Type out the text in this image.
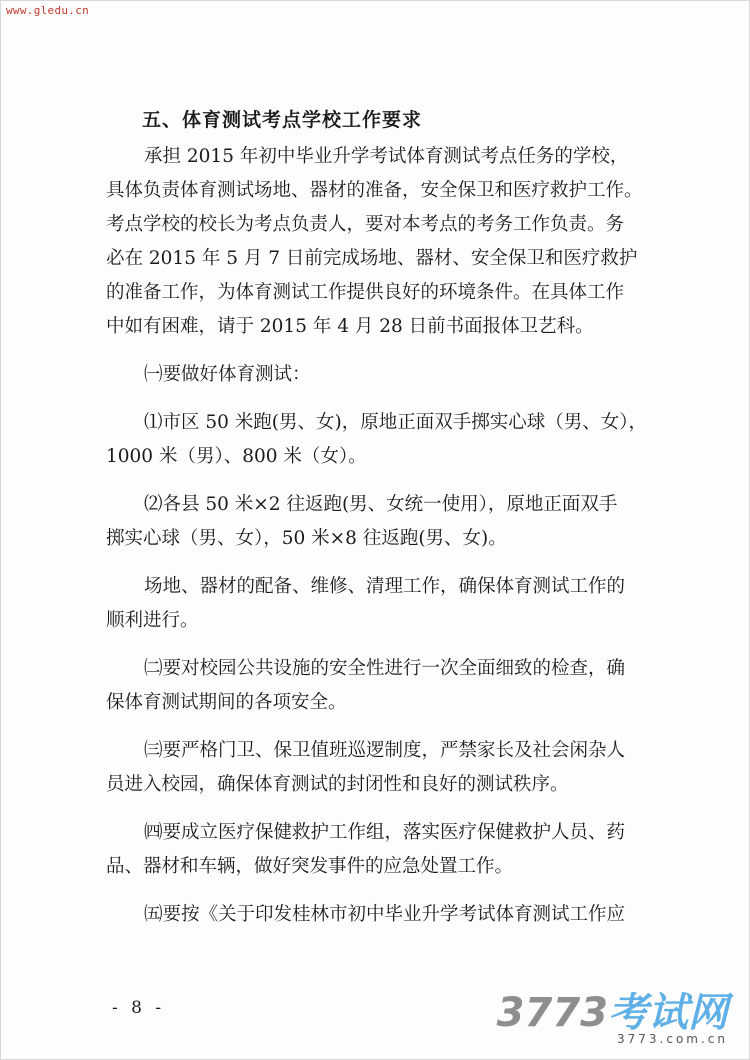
www.gledu.cn
五、体育测试考点学校工作要求

承担 2015 年初中毕业升学考试体育测试考点任务的学校，

具体负责体育测试场地、器材的准备，安全保卫和医疗救护工作。

考点学校的校长为考点负责人，要对本考点的考务工作负责。务

必在 2015 年 5 月 7 日前完成场地、器材、安全保卫和医疗救护

的准备工作，为体育测试工作提供良好的环境条件。在具体工作

中如有困难，请于 2015 年 4 月 28 日前书面报体卫艺科。

㈠要做好体育测试：

⑴市区 50 米跑(男、女)，原地正面双手掷实心球（男、女），

1000 米（男）、800 米（女）。

⑵各县 50 米×2 往返跑(男、女统一使用），原地正面双手

掷实心球（男、女），50 米×8 往返跑(男、女)。

场地、器材的配备、维修、清理工作，确保体育测试工作的

顺利进行。

㈡要对校园公共设施的安全性进行一次全面细致的检查，确

保体育测试期间的各项安全。

㈢要严格门卫、保卫值班巡逻制度，严禁家长及社会闲杂人

员进入校园，确保体育测试的封闭性和良好的测试秩序。

㈣要成立医疗保健救护工作组，落实医疗保健救护人员、药

品、器材和车辆，做好突发事件的应急处置工作。

㈤要按《关于印发桂林市初中毕业升学考试体育测试工作应

- 8 -	3773 考试网
3773.com.cn
